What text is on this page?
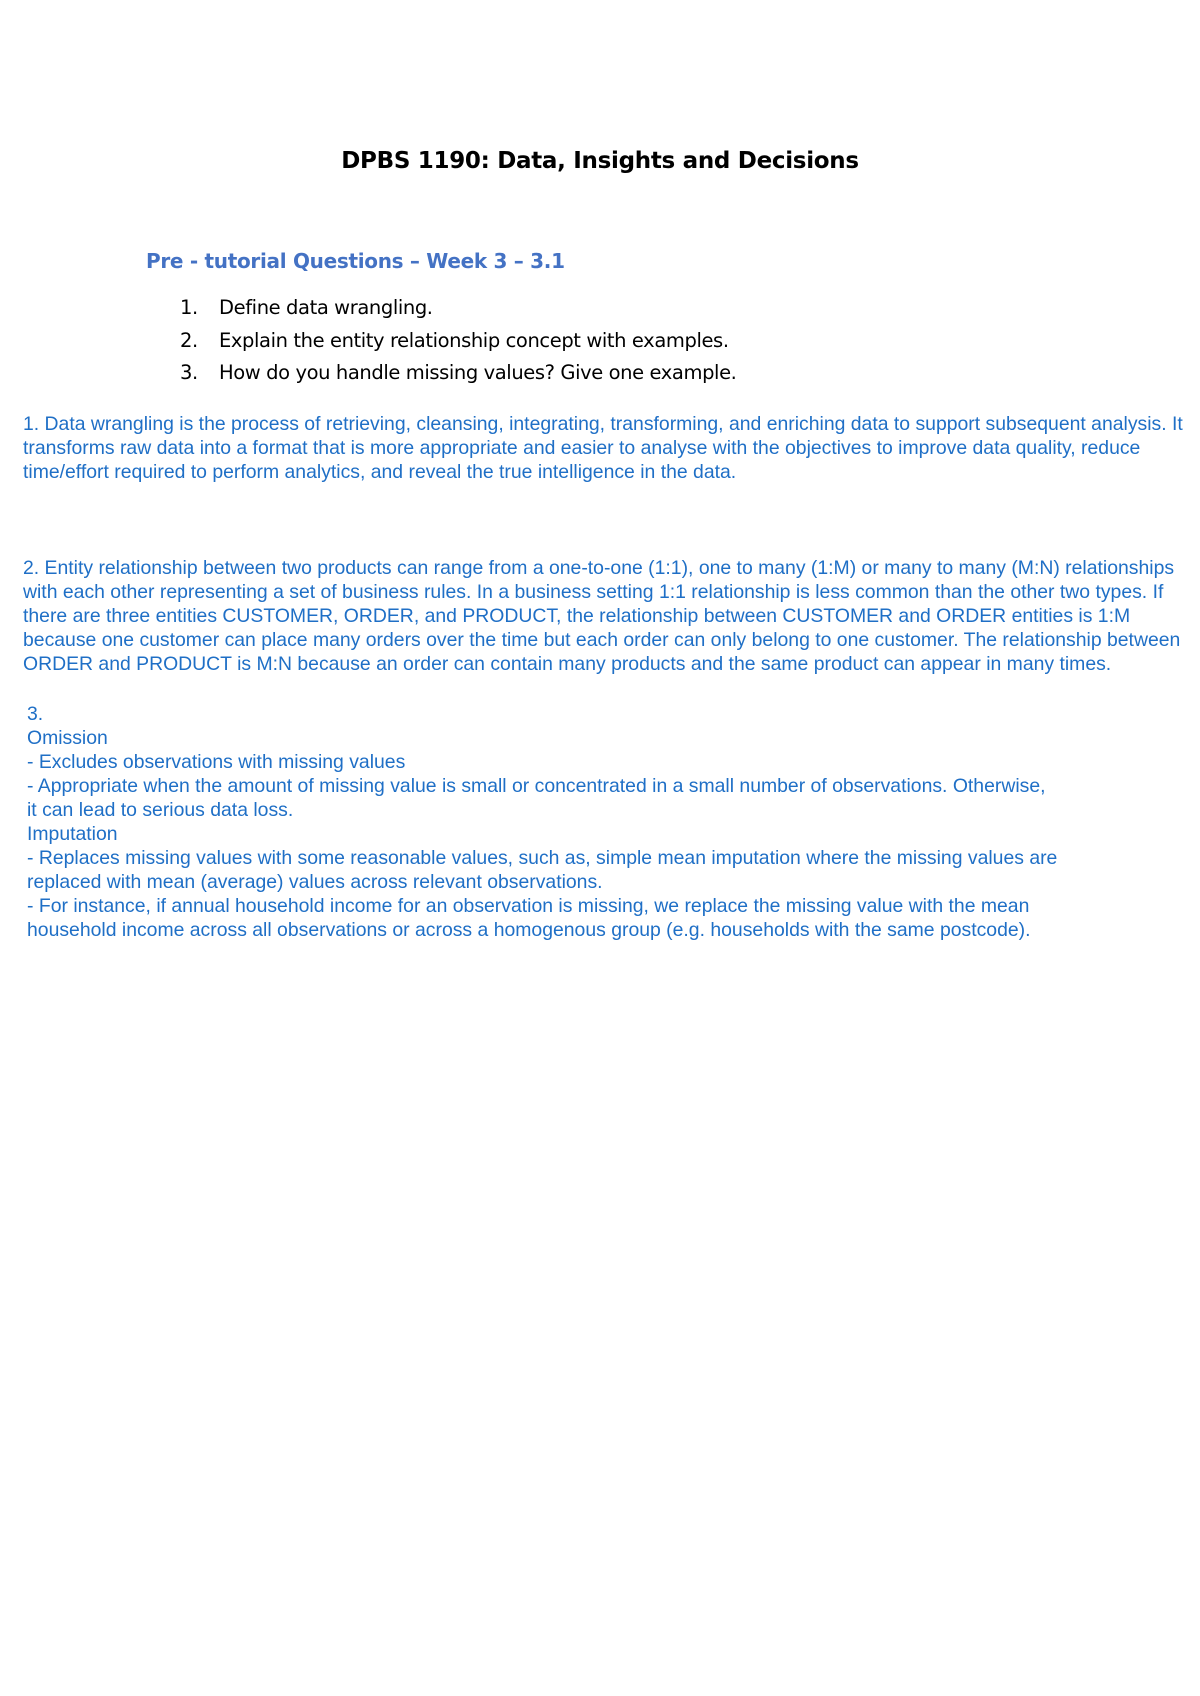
DPBS 1190: Data, Insights and Decisions
Pre - tutorial Questions – Week 3 – 3.1
1. Define data wrangling.
2. Explain the entity relationship concept with examples.
3. How do you handle missing values? Give one example.

1. Data wrangling is the process of retrieving, cleansing, integrating, transforming, and enriching data to support subsequent analysis. It transforms raw data into a format that is more appropriate and easier to analyse with the objectives to improve data quality, reduce time/effort required to perform analytics, and reveal the true intelligence in the data.

2. Entity relationship between two products can range from a one-to-one (1:1), one to many (1:M) or many to many (M:N) relationships with each other representing a set of business rules. In a business setting 1:1 relationship is less common than the other two types. If there are three entities CUSTOMER, ORDER, and PRODUCT, the relationship between CUSTOMER and ORDER entities is 1:M because one customer can place many orders over the time but each order can only belong to one customer. The relationship between ORDER and PRODUCT is M:N because an order can contain many products and the same product can appear in many times.

3.
Omission
- Excludes observations with missing values
- Appropriate when the amount of missing value is small or concentrated in a small number of observations. Otherwise,
it can lead to serious data loss.
Imputation
- Replaces missing values with some reasonable values, such as, simple mean imputation where the missing values are
replaced with mean (average) values across relevant observations.
- For instance, if annual household income for an observation is missing, we replace the missing value with the mean
household income across all observations or across a homogenous group (e.g. households with the same postcode).
